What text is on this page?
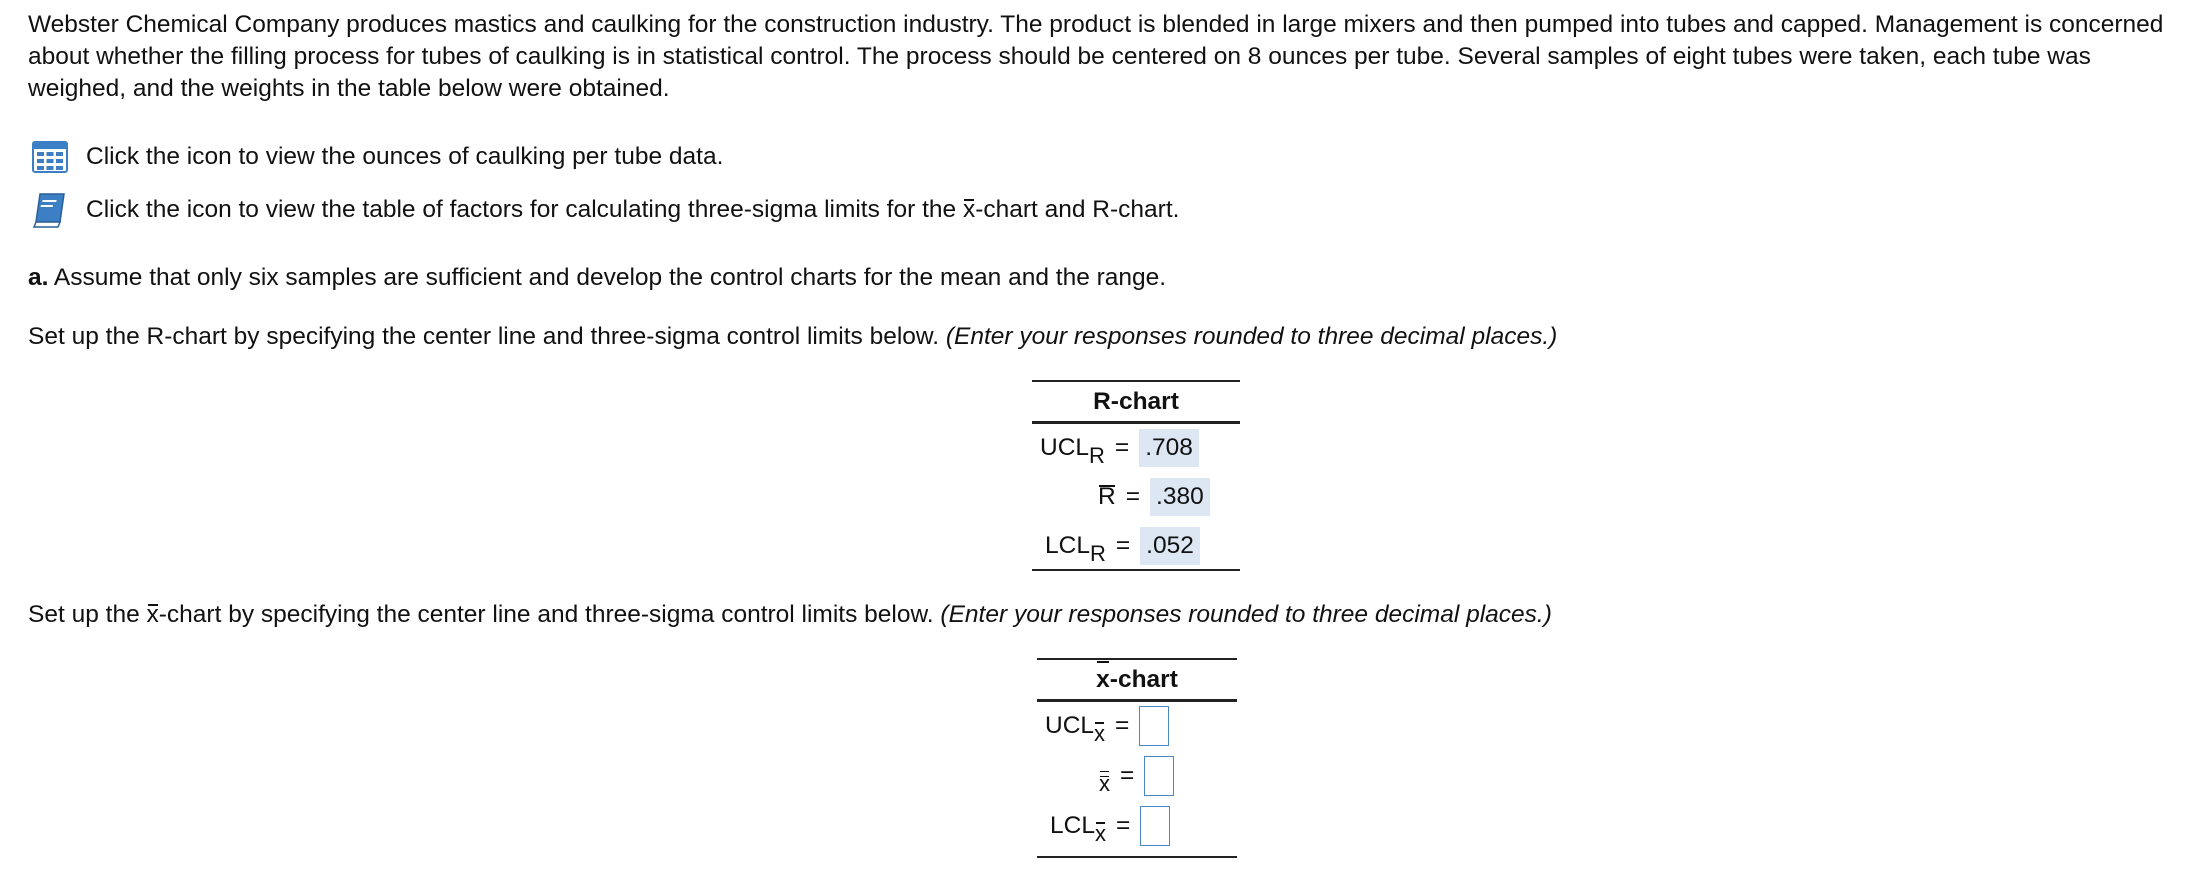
Webster Chemical Company produces mastics and caulking for the construction industry. The product is blended in large mixers and then pumped into tubes and capped. Management is concerned about whether the filling process for tubes of caulking is in statistical control. The process should be centered on 8 ounces per tube. Several samples of eight tubes were taken, each tube was weighed, and the weights in the table below were obtained.

Click the icon to view the ounces of caulking per tube data.
Click the icon to view the table of factors for calculating three-sigma limits for the x-chart and R-chart.

a. Assume that only six samples are sufficient and develop the control charts for the mean and the range.

Set up the R-chart by specifying the center line and three-sigma control limits below. (Enter your responses rounded to three decimal places.)

R-chart
UCLR = .708
R = .380
LCLR = .052

Set up the x-chart by specifying the center line and three-sigma control limits below. (Enter your responses rounded to three decimal places.)

x-chart
UCLx =
x =
LCLx =
